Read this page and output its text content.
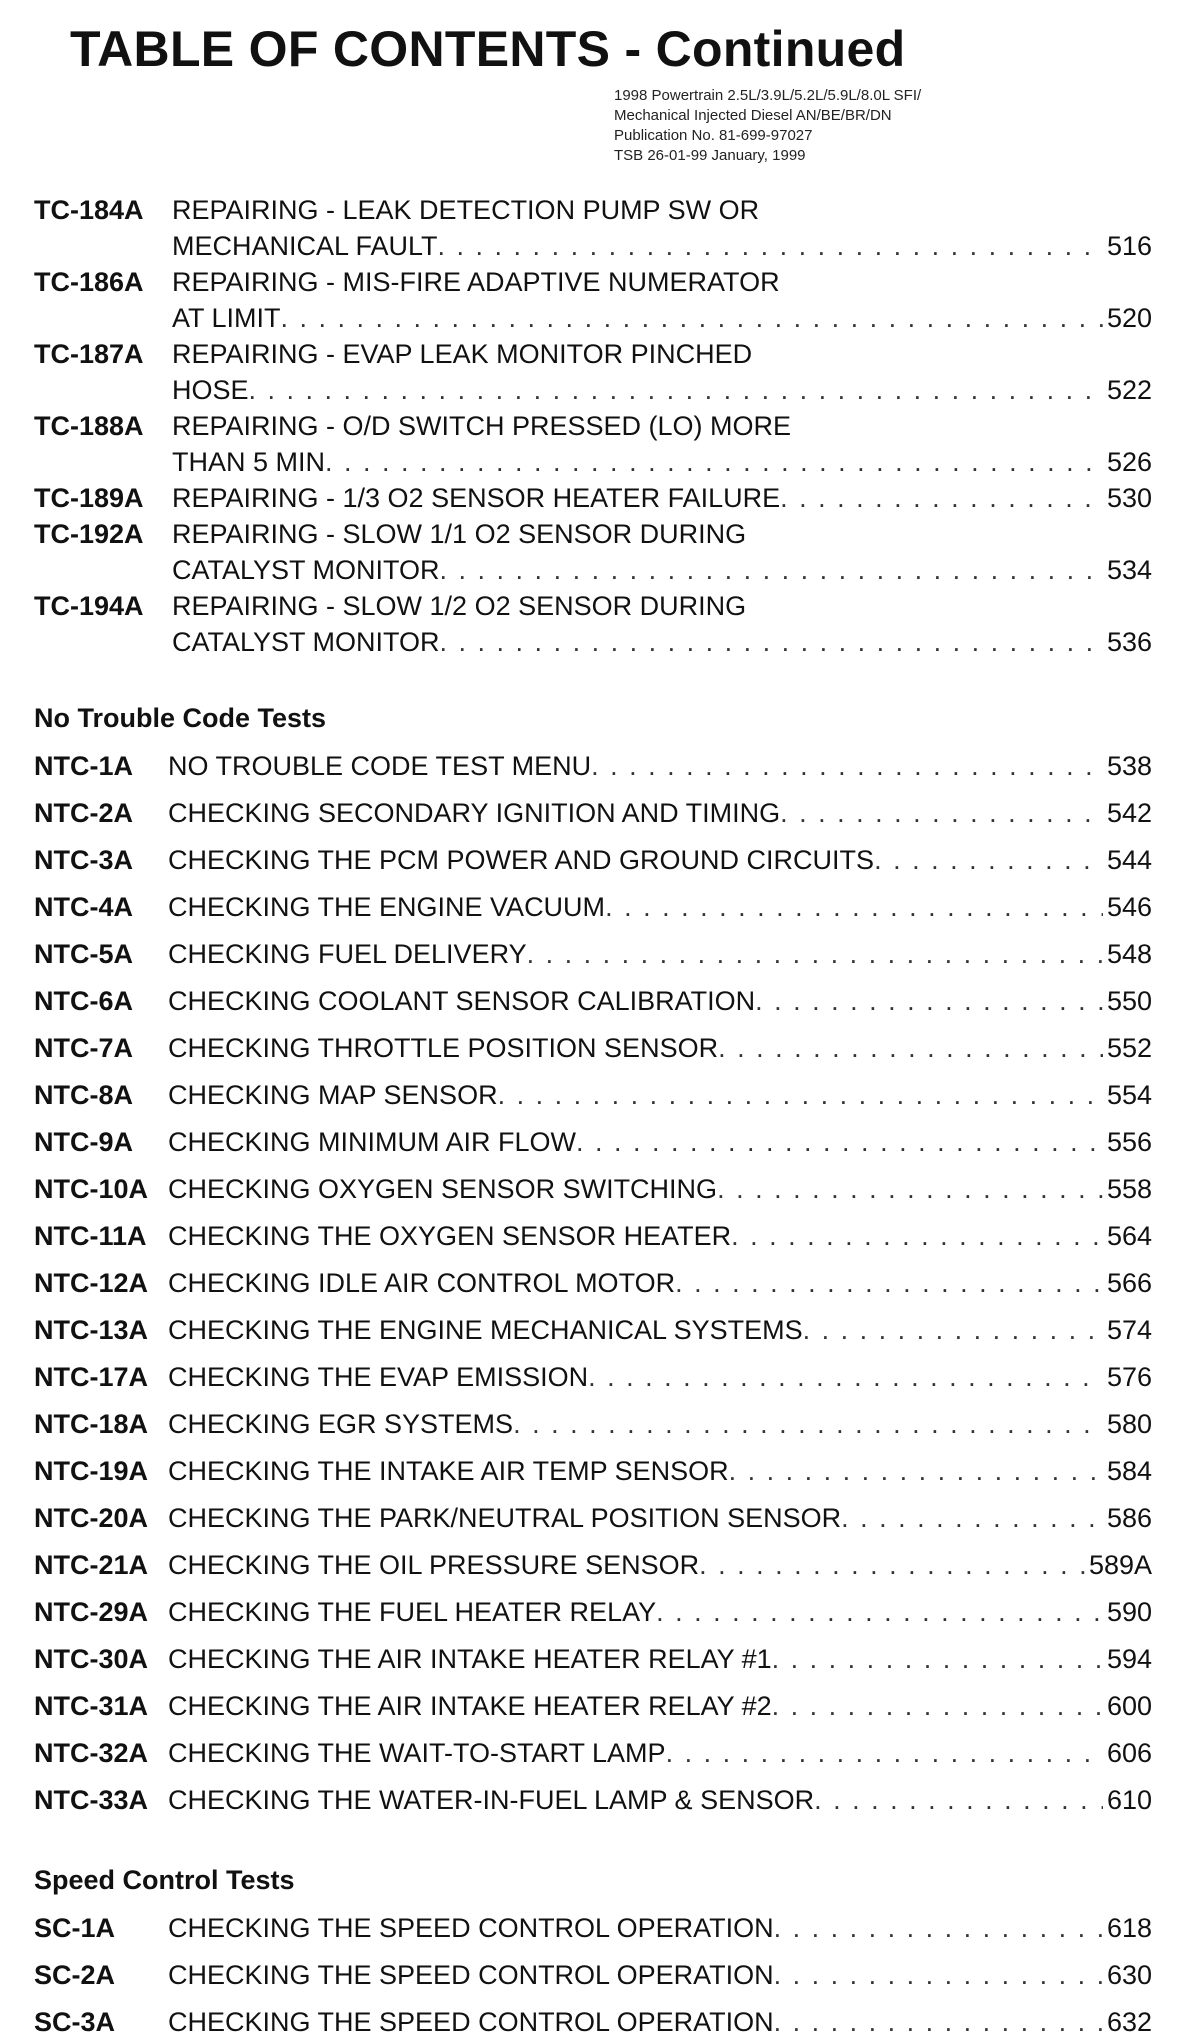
TABLE OF CONTENTS - Continued
1998 Powertrain 2.5L/3.9L/5.2L/5.9L/8.0L SFI/
Mechanical Injected Diesel AN/BE/BR/DN
Publication No. 81-699-97027
TSB 26-01-99 January, 1999
TC-184A REPAIRING - LEAK DETECTION PUMP SW OR
MECHANICAL FAULT . . .	516
TC-186A REPAIRING - MIS-FIRE ADAPTIVE NUMERATOR
AT LIMIT . . .	520
TC-187A REPAIRING - EVAP LEAK MONITOR PINCHED
HOSE . . .	522
TC-188A REPAIRING - O/D SWITCH PRESSED (LO) MORE
THAN 5 MIN . . .	526
TC-189A REPAIRING - 1/3 O2 SENSOR HEATER FAILURE . . .	530
TC-192A REPAIRING - SLOW 1/1 O2 SENSOR DURING
CATALYST MONITOR . . .	534
TC-194A REPAIRING - SLOW 1/2 O2 SENSOR DURING
CATALYST MONITOR . . .	536
No Trouble Code Tests
NTC-1A NO TROUBLE CODE TEST MENU . . .	538
NTC-2A CHECKING SECONDARY IGNITION AND TIMING . . .	542
NTC-3A CHECKING THE PCM POWER AND GROUND CIRCUITS . . .	544
NTC-4A CHECKING THE ENGINE VACUUM . . .	546
NTC-5A CHECKING FUEL DELIVERY . . .	548
NTC-6A CHECKING COOLANT SENSOR CALIBRATION . . .	550
NTC-7A CHECKING THROTTLE POSITION SENSOR . . .	552
NTC-8A CHECKING MAP SENSOR . . .	554
NTC-9A CHECKING MINIMUM AIR FLOW . . .	556
NTC-10A CHECKING OXYGEN SENSOR SWITCHING . . .	558
NTC-11A CHECKING THE OXYGEN SENSOR HEATER . . .	564
NTC-12A CHECKING IDLE AIR CONTROL MOTOR . . .	566
NTC-13A CHECKING THE ENGINE MECHANICAL SYSTEMS . . .	574
NTC-17A CHECKING THE EVAP EMISSION . . .	576
NTC-18A CHECKING EGR SYSTEMS . . .	580
NTC-19A CHECKING THE INTAKE AIR TEMP SENSOR . . .	584
NTC-20A CHECKING THE PARK/NEUTRAL POSITION SENSOR . . .	586
NTC-21A CHECKING THE OIL PRESSURE SENSOR . . .	589A
NTC-29A CHECKING THE FUEL HEATER RELAY . . .	590
NTC-30A CHECKING THE AIR INTAKE HEATER RELAY #1 . . .	594
NTC-31A CHECKING THE AIR INTAKE HEATER RELAY #2 . . .	600
NTC-32A CHECKING THE WAIT-TO-START LAMP . . .	606
NTC-33A CHECKING THE WATER-IN-FUEL LAMP & SENSOR . . .	610
Speed Control Tests
SC-1A CHECKING THE SPEED CONTROL OPERATION . . .	618
SC-2A CHECKING THE SPEED CONTROL OPERATION . . .	630
SC-3A CHECKING THE SPEED CONTROL OPERATION . . .	632
